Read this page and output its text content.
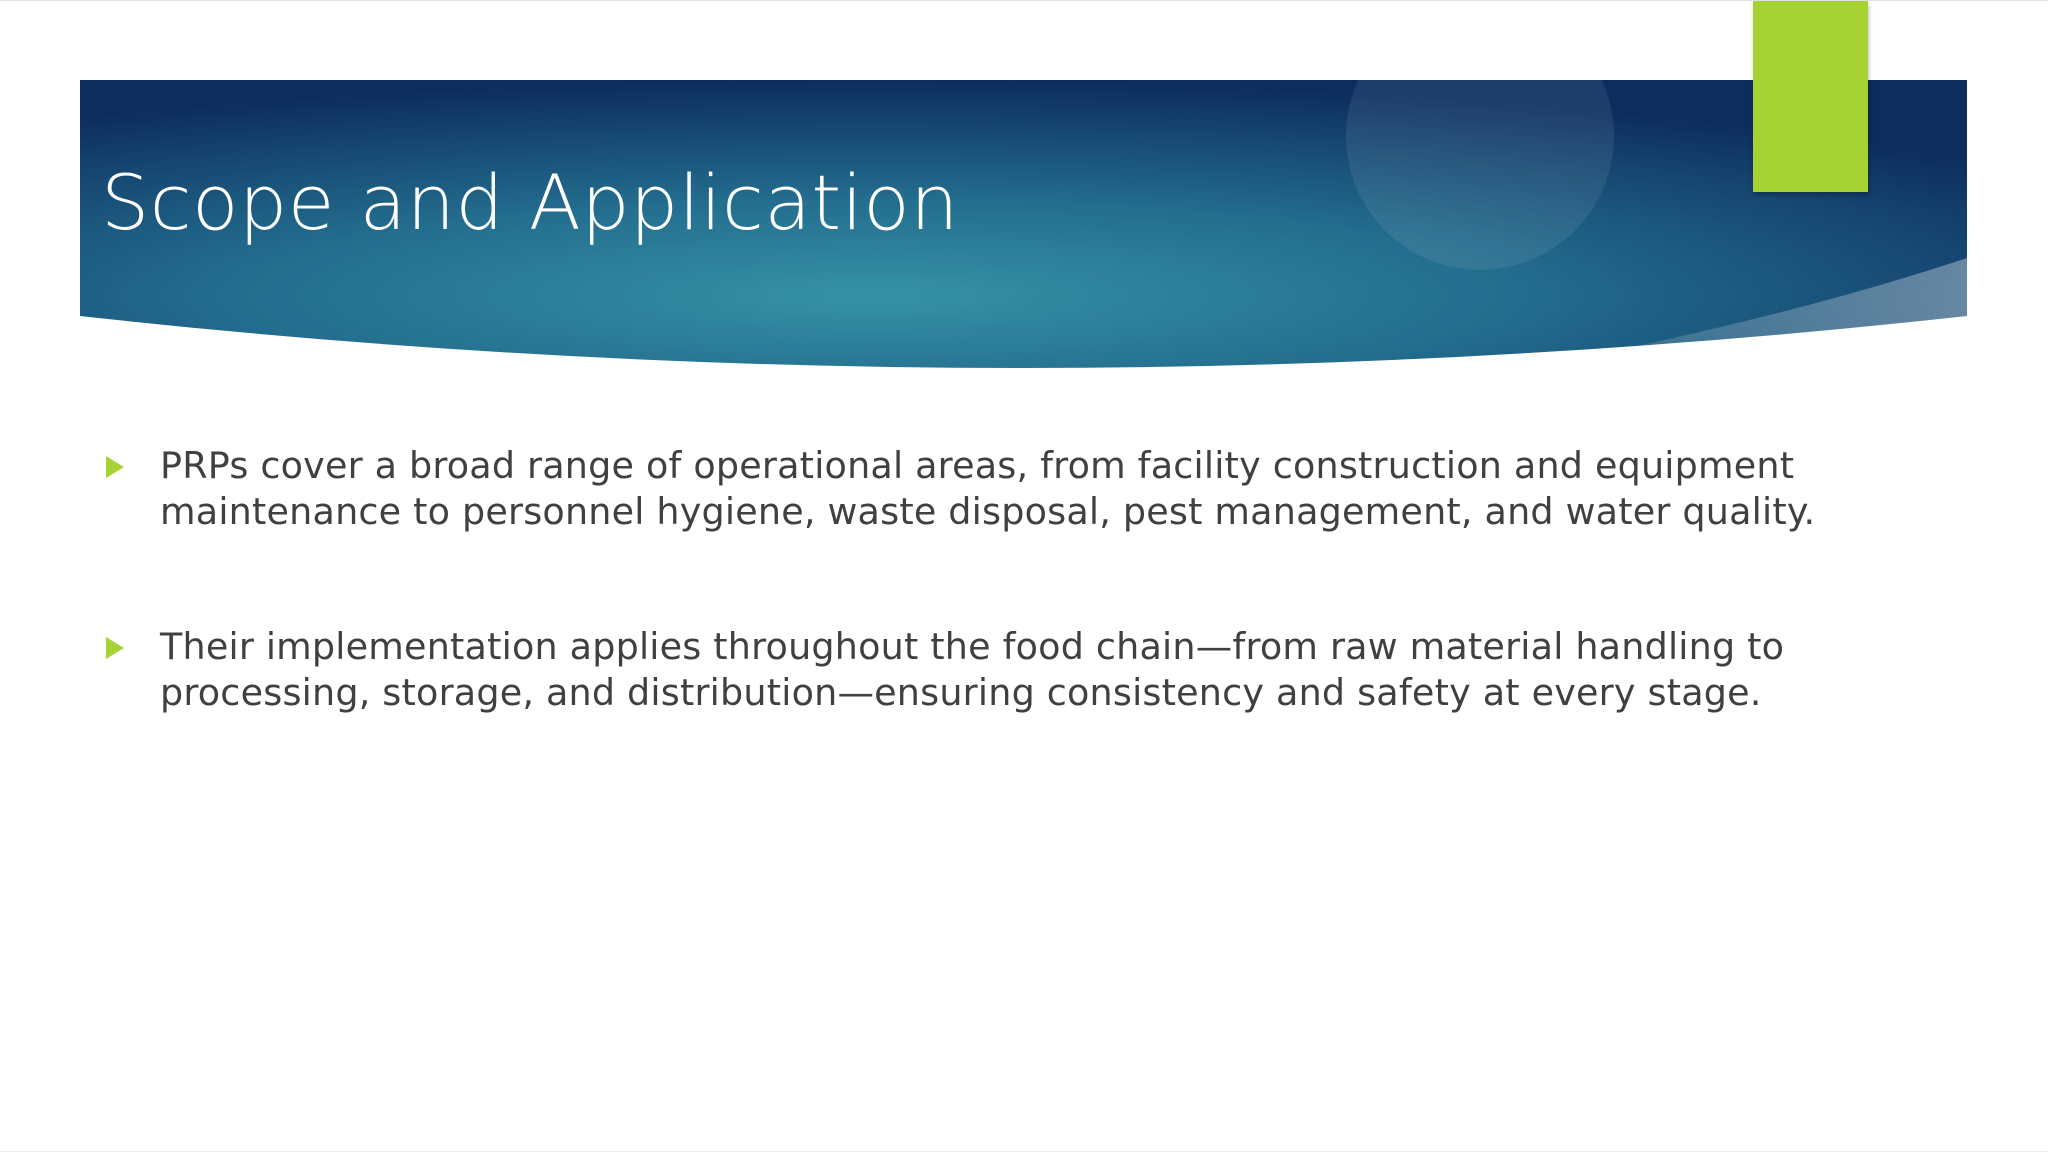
Scope and Application
PRPs cover a broad range of operational areas, from facility construction and equipment maintenance to personnel hygiene, waste disposal, pest management, and water quality.
Their implementation applies throughout the food chain—from raw material handling to processing, storage, and distribution—ensuring consistency and safety at every stage.
